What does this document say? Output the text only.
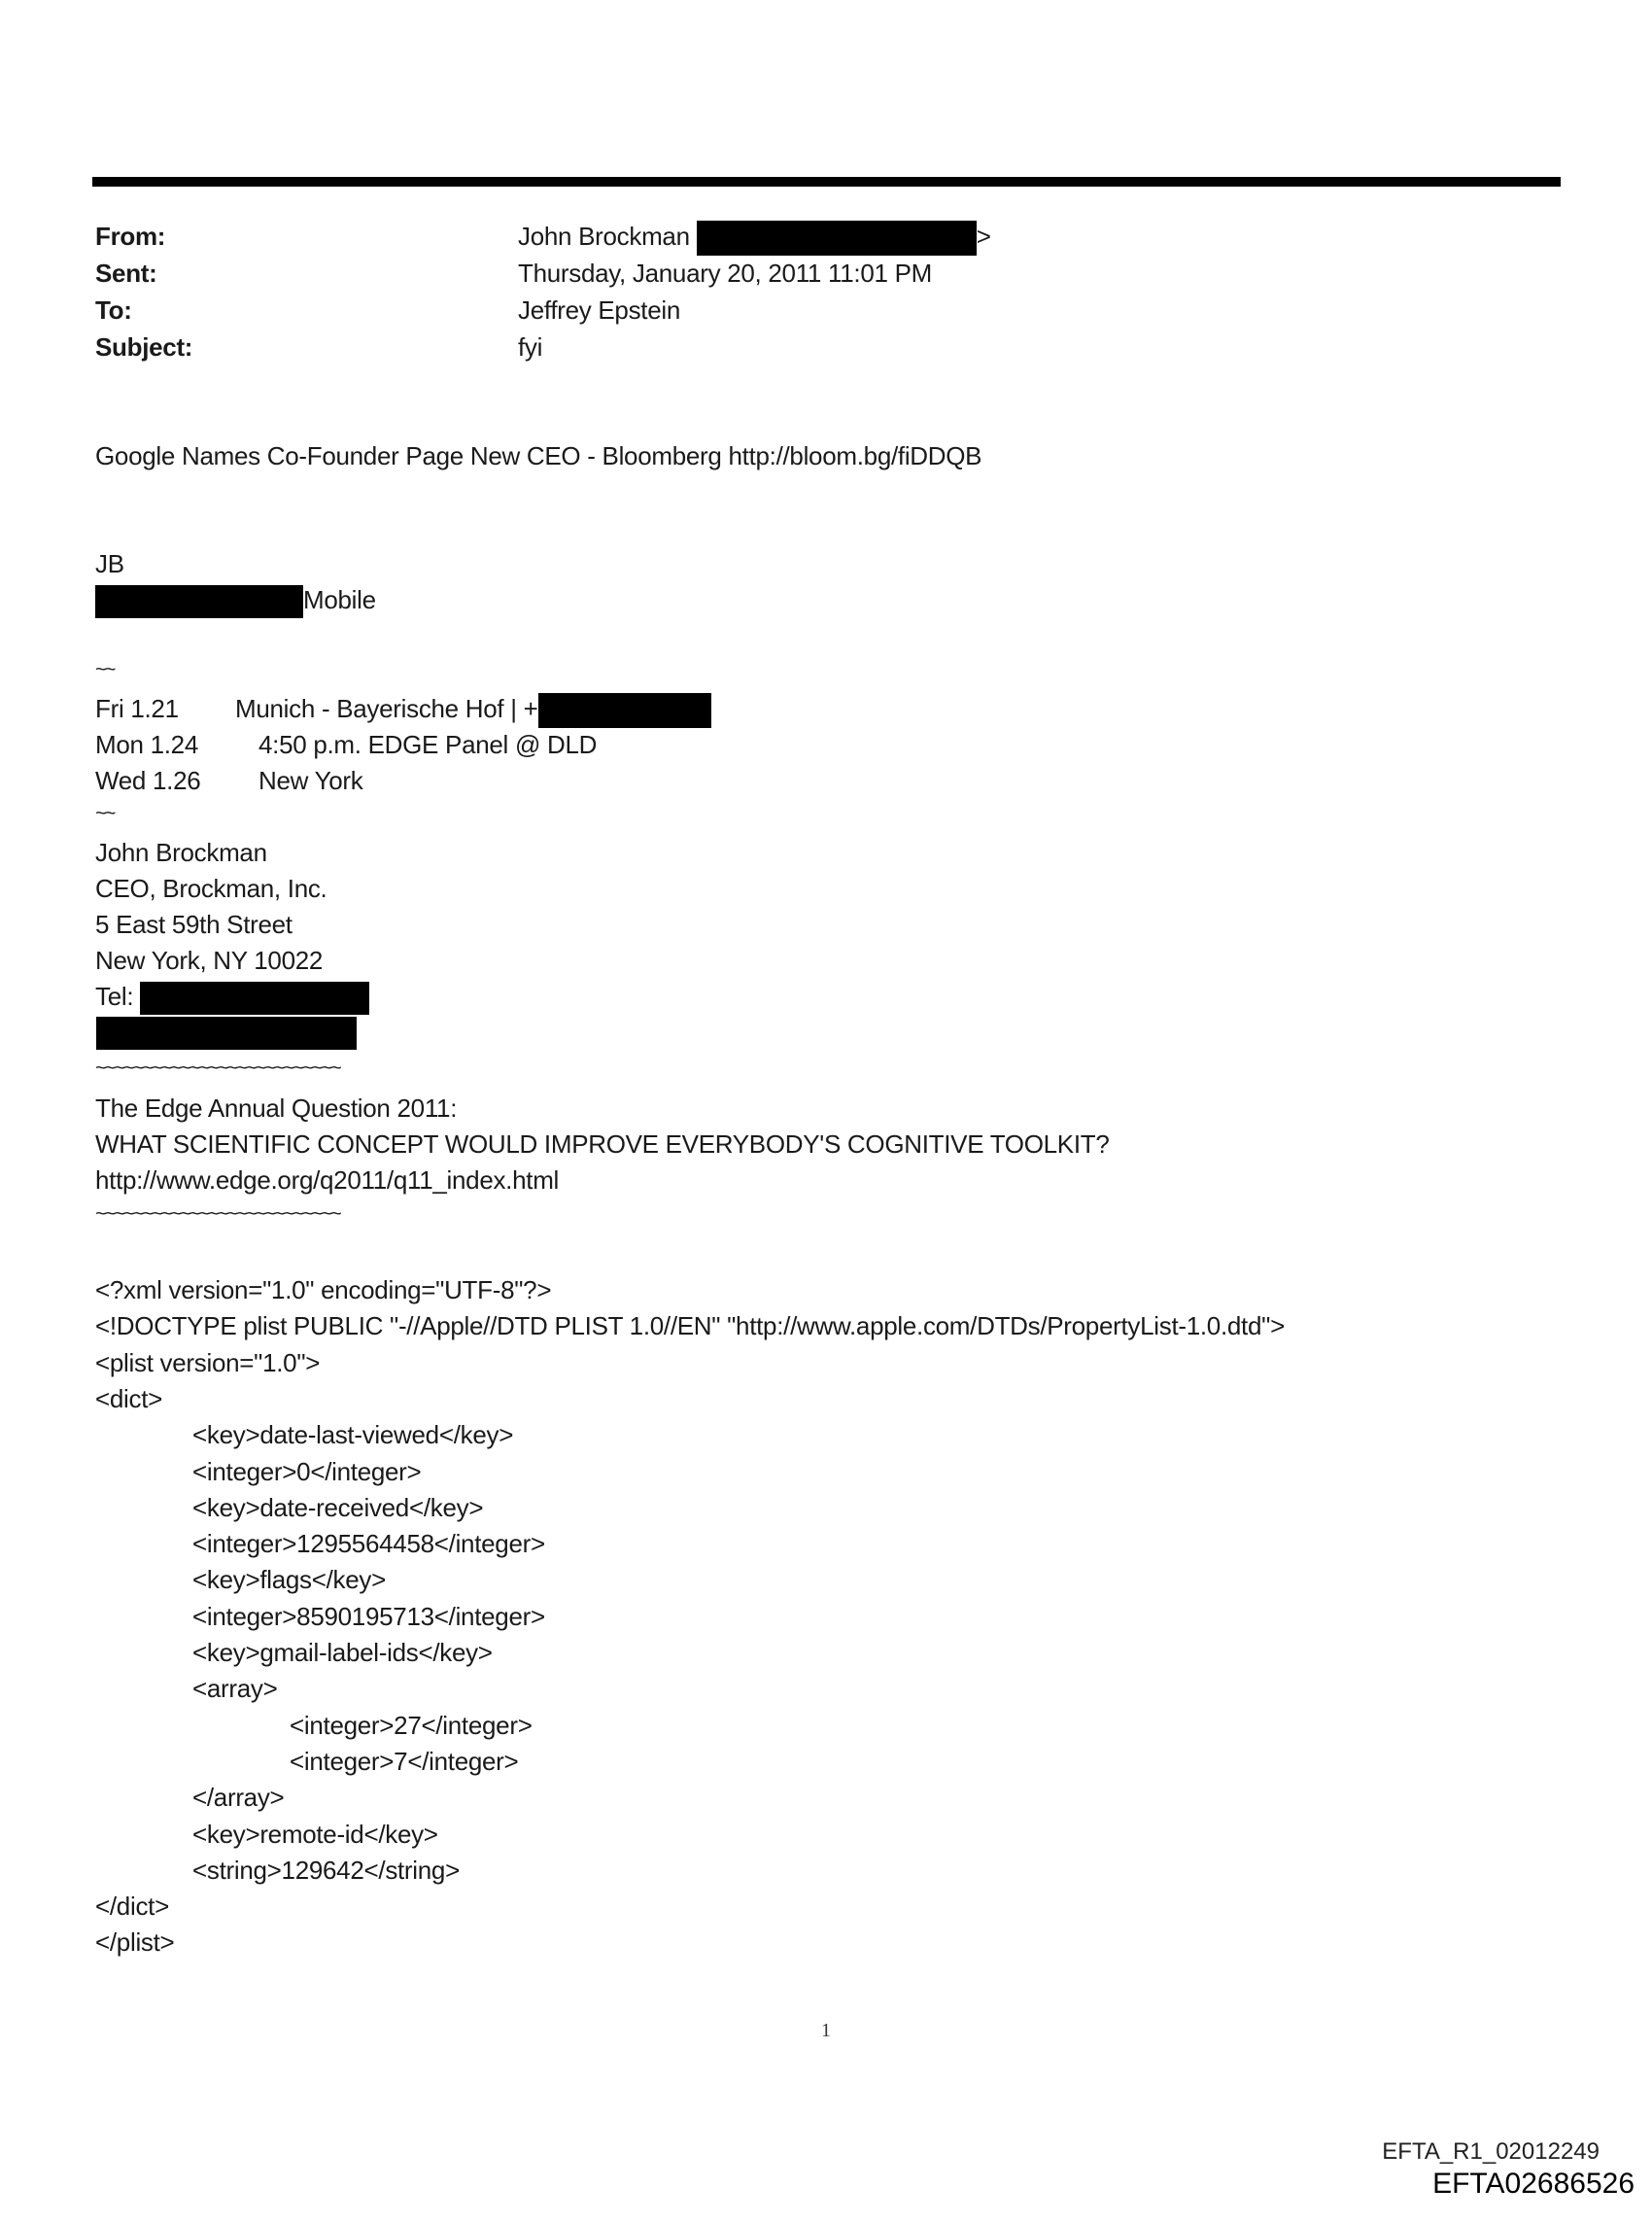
From:	John Brockman	>
Sent:	Thursday, January 20, 2011 11:01 PM
To:	Jeffrey Epstein
Subject:	fyi
Google Names Co-Founder Page New CEO - Bloomberg http://bloom.bg/fiDDQB
JB
Mobile
~~
Fri 1.21 Munich - Bayerische Hof | +
Mon 1.24 4:50 p.m. EDGE Panel @ DLD
Wed 1.26 New York
~~
John Brockman
CEO, Brockman, Inc.
5 East 59th Street
New York, NY 10022
Tel:
~~~~~~~~~~~~~~~~~~~~~~~~~~
The Edge Annual Question 2011:
WHAT SCIENTIFIC CONCEPT WOULD IMPROVE EVERYBODY'S COGNITIVE TOOLKIT?
http://www.edge.org/q2011/q11_index.html
~~~~~~~~~~~~~~~~~~~~~~~~~~
<?xml version="1.0" encoding="UTF-8"?>
<!DOCTYPE plist PUBLIC "-//Apple//DTD PLIST 1.0//EN" "http://www.apple.com/DTDs/PropertyList-1.0.dtd">
<plist version="1.0">
<dict>
<key>date-last-viewed</key>
<integer>0</integer>
<key>date-received</key>
<integer>1295564458</integer>
<key>flags</key>
<integer>8590195713</integer>
<key>gmail-label-ids</key>
<array>
<integer>27</integer>
<integer>7</integer>
</array>
<key>remote-id</key>
<string>129642</string>
</dict>
</plist>
1
EFTA_R1_02012249
EFTA02686526
